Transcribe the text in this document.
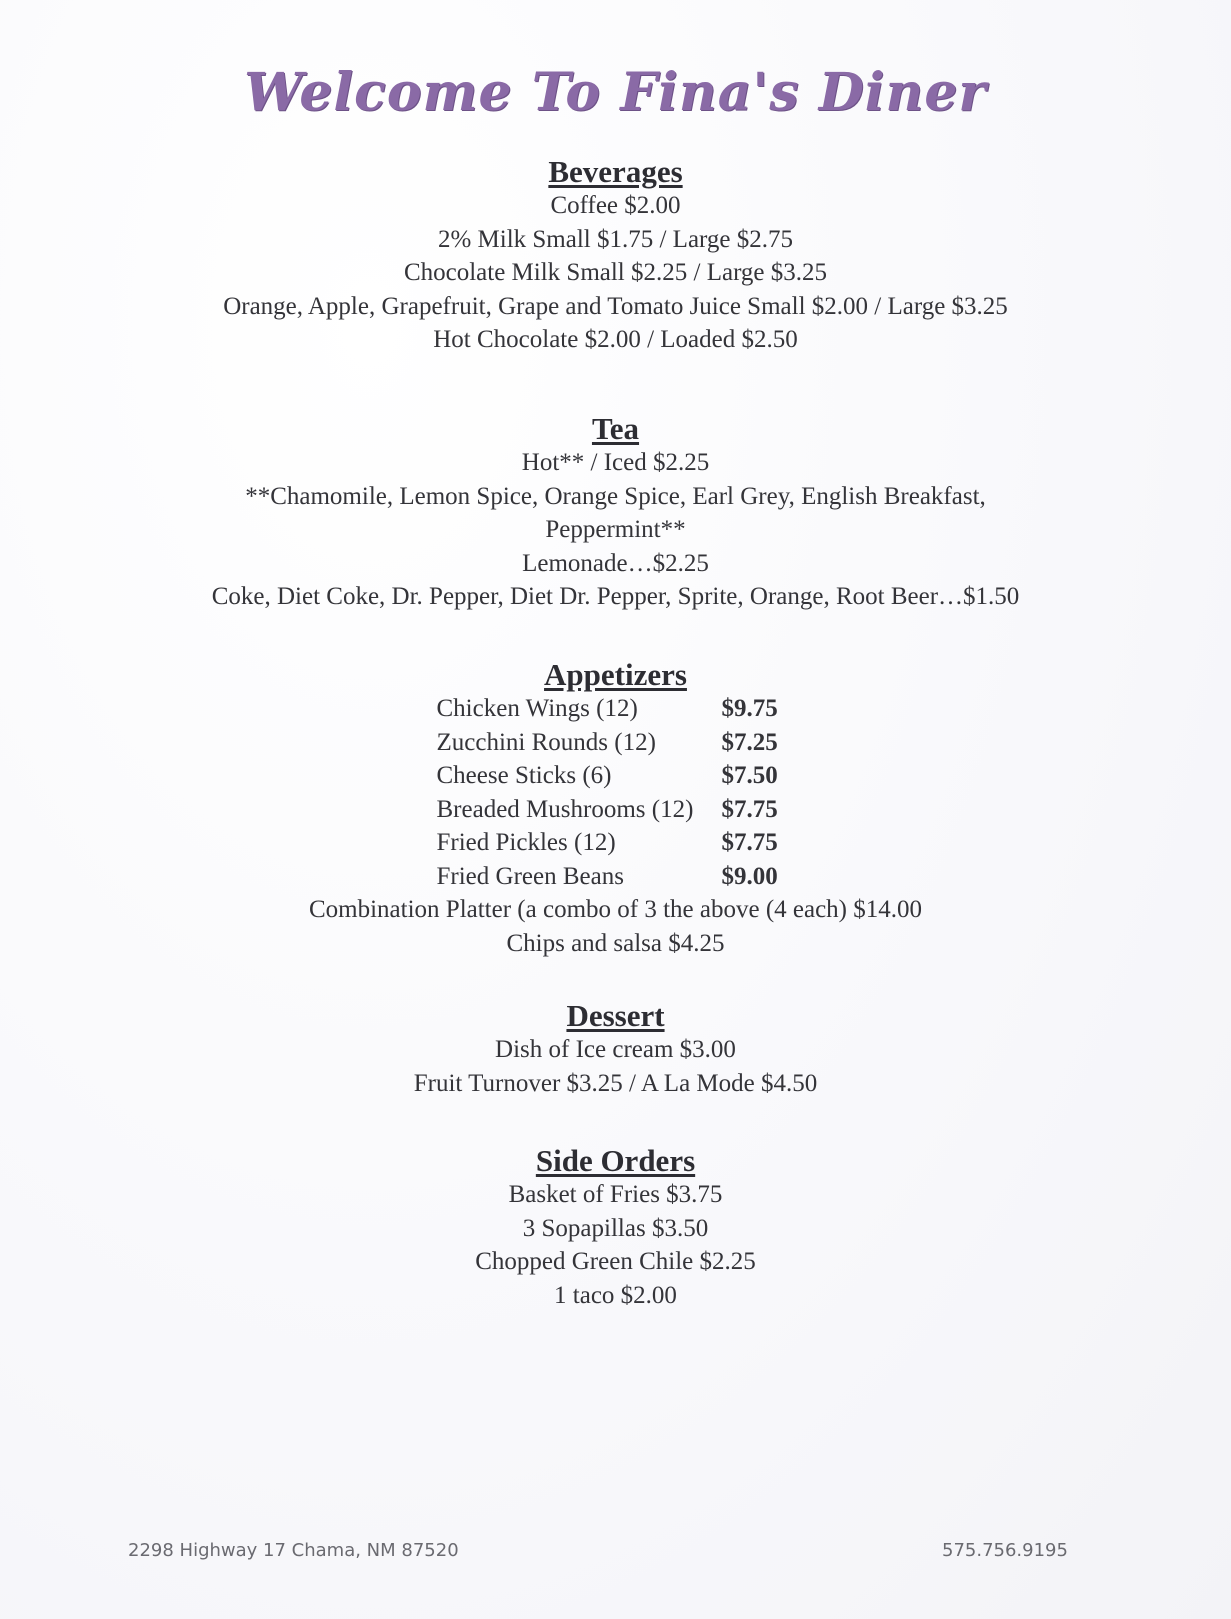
Welcome To Fina's Diner
Beverages
Coffee $2.00
2% Milk Small $1.75 / Large $2.75
Chocolate Milk Small $2.25 / Large $3.25
Orange, Apple, Grapefruit, Grape and Tomato Juice Small $2.00 / Large $3.25
Hot Chocolate $2.00 / Loaded $2.50
Tea
Hot** / Iced $2.25
**Chamomile, Lemon Spice, Orange Spice, Earl Grey, English Breakfast,
Peppermint**
Lemonade…$2.25
Coke, Diet Coke, Dr. Pepper, Diet Dr. Pepper, Sprite, Orange, Root Beer…$1.50
Appetizers
Chicken Wings (12)	$9.75
Zucchini Rounds (12)	$7.25
Cheese Sticks (6)	$7.50
Breaded Mushrooms (12)	$7.75
Fried Pickles (12)	$7.75
Fried Green Beans	$9.00
Combination Platter (a combo of 3 the above (4 each) $14.00
Chips and salsa $4.25
Dessert
Dish of Ice cream $3.00
Fruit Turnover $3.25 / A La Mode $4.50
Side Orders
Basket of Fries $3.75
3 Sopapillas $3.50
Chopped Green Chile $2.25
1 taco $2.00
2298 Highway 17 Chama, NM 87520	575.756.9195
